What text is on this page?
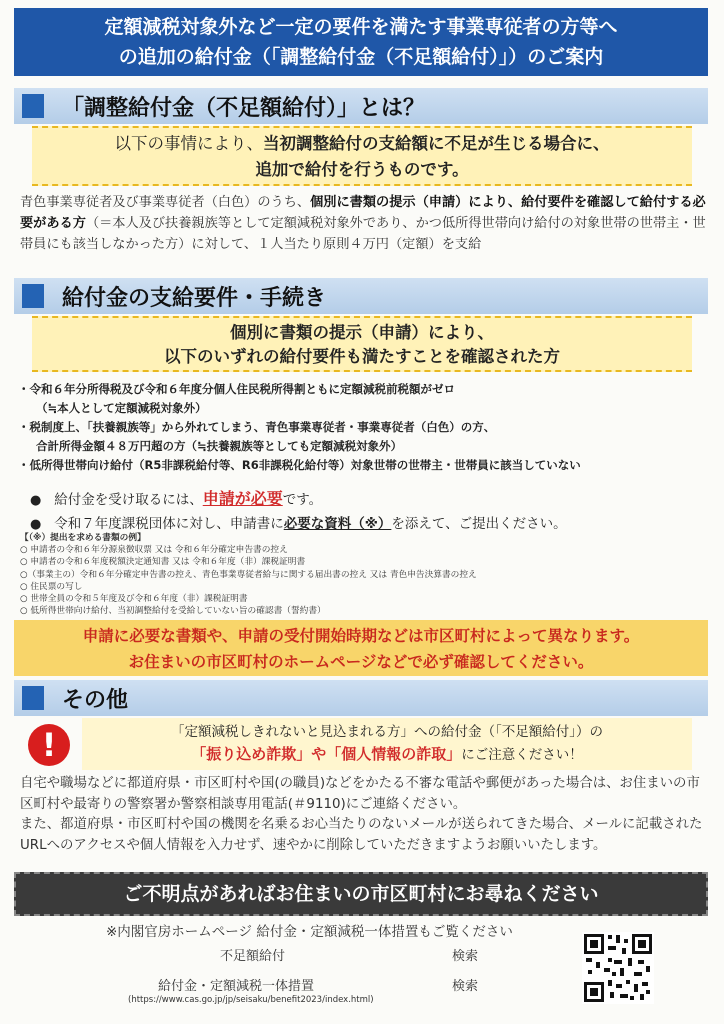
定額減税対象外など一定の要件を満たす事業専従者の方等へ
の追加の給付金（「調整給付金（不足額給付）」）のご案内
「調整給付金（不足額給付）」とは？
以下の事情により、当初調整給付の支給額に不足が生じる場合に、
追加で給付を行うものです。
青色事業専従者及び事業専従者（白色）のうち、個別に書類の提示（申請）により、給付要件を確認して給付する必要がある方（＝本人及び扶養親族等として定額減税対象外であり、かつ低所得世帯向け給付の対象世帯の世帯主・世帯員にも該当しなかった方）に対して、１人当たり原則４万円（定額）を支給
給付金の支給要件・手続き
個別に書類の提示（申請）により、
以下のいずれの給付要件も満たすことを確認された方
・令和６年分所得税及び令和６年度分個人住民税所得割ともに定額減税前税額がゼロ
（≒本人として定額減税対象外）
・税制度上、「扶養親族等」から外れてしまう、青色事業専従者・事業専従者（白色）の方、
合計所得金額４８万円超の方（≒扶養親族等としても定額減税対象外）
・低所得世帯向け給付（R5非課税給付等、R6非課税化給付等）対象世帯の世帯主・世帯員に該当していない
● 給付金を受け取るには、申請が必要です。
● 令和７年度課税団体に対し、申請書に必要な資料（※）を添えて、ご提出ください。
【（※）提出を求める書類の例】
○ 申請者の令和６年分源泉徴収票 又は 令和６年分確定申告書の控え
○ 申請者の令和６年度税額決定通知書 又は 令和６年度（非）課税証明書
○（事業主の）令和６年分確定申告書の控え、青色事業専従者給与に関する届出書の控え 又は 青色申告決算書の控え
○ 住民票の写し
○ 世帯全員の令和５年度及び令和６年度（非）課税証明書
○ 低所得世帯向け給付、当初調整給付を受給していない旨の確認書（誓約書）
申請に必要な書類や、申請の受付開始時期などは市区町村によって異なります。
お住まいの市区町村のホームページなどで必ず確認してください。
その他
!	「定額減税しきれないと見込まれる方」への給付金（「不足額給付」）の
「振り込め詐欺」や「個人情報の詐取」にご注意ください！
自宅や職場などに都道府県・市区町村や国(の職員)などをかたる不審な電話や郵便があった場合は、お住まいの市区町村や最寄りの警察署か警察相談専用電話(＃9110)にご連絡ください。
また、都道府県・市区町村や国の機関を名乗るお心当たりのないメールが送られてきた場合、メールに記載されたURLへのアクセスや個人情報を入力せず、速やかに削除していただきますようお願いいたします。
ご不明点があればお住まいの市区町村にお尋ねください
※内閣官房ホームページ 給付金・定額減税一体措置もご覧ください
不足額給付	検索
給付金・定額減税一体措置	検索
(https://www.cas.go.jp/jp/seisaku/benefit2023/index.html)
